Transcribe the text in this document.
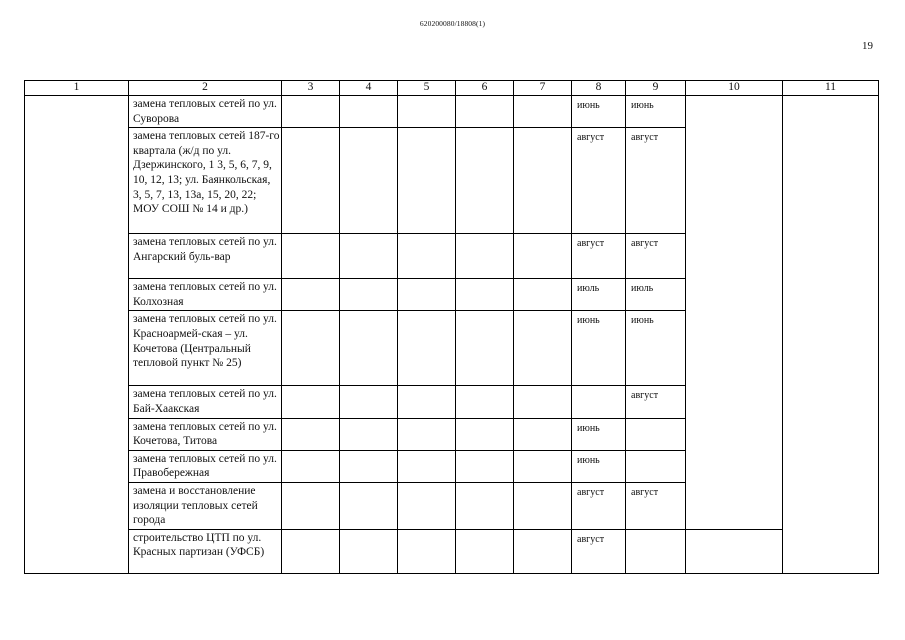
620200080/18808(1)
19
1	2	3	4	5	6	7	8	9	10	11
	замена тепловых сетей по ул. Суворова						июнь	июнь		
	замена тепловых сетей 187-го квартала (ж/д по ул. Дзержинского, 1 3, 5, 6, 7, 9, 10, 12, 13; ул. Баянкольская, 3, 5, 7, 13, 13а, 15, 20, 22; МОУ СОШ № 14 и др.)						август	август		
	замена тепловых сетей по ул. Ангарский буль-вар						август	август		
	замена тепловых сетей по ул. Колхозная						июль	июль		
	замена тепловых сетей по ул. Красноармей-ская – ул. Кочетова (Центральный тепловой пункт № 25)						июнь	июнь		
	замена тепловых сетей по ул. Бай-Хаакская							август		
	замена тепловых сетей по ул. Кочетова, Титова						июнь			
	замена тепловых сетей по ул. Правобережная						июнь			
	замена и восстановление изоляции тепловых сетей города						август	август		
	строительство ЦТП по ул. Красных партизан (УФСБ)						август			
